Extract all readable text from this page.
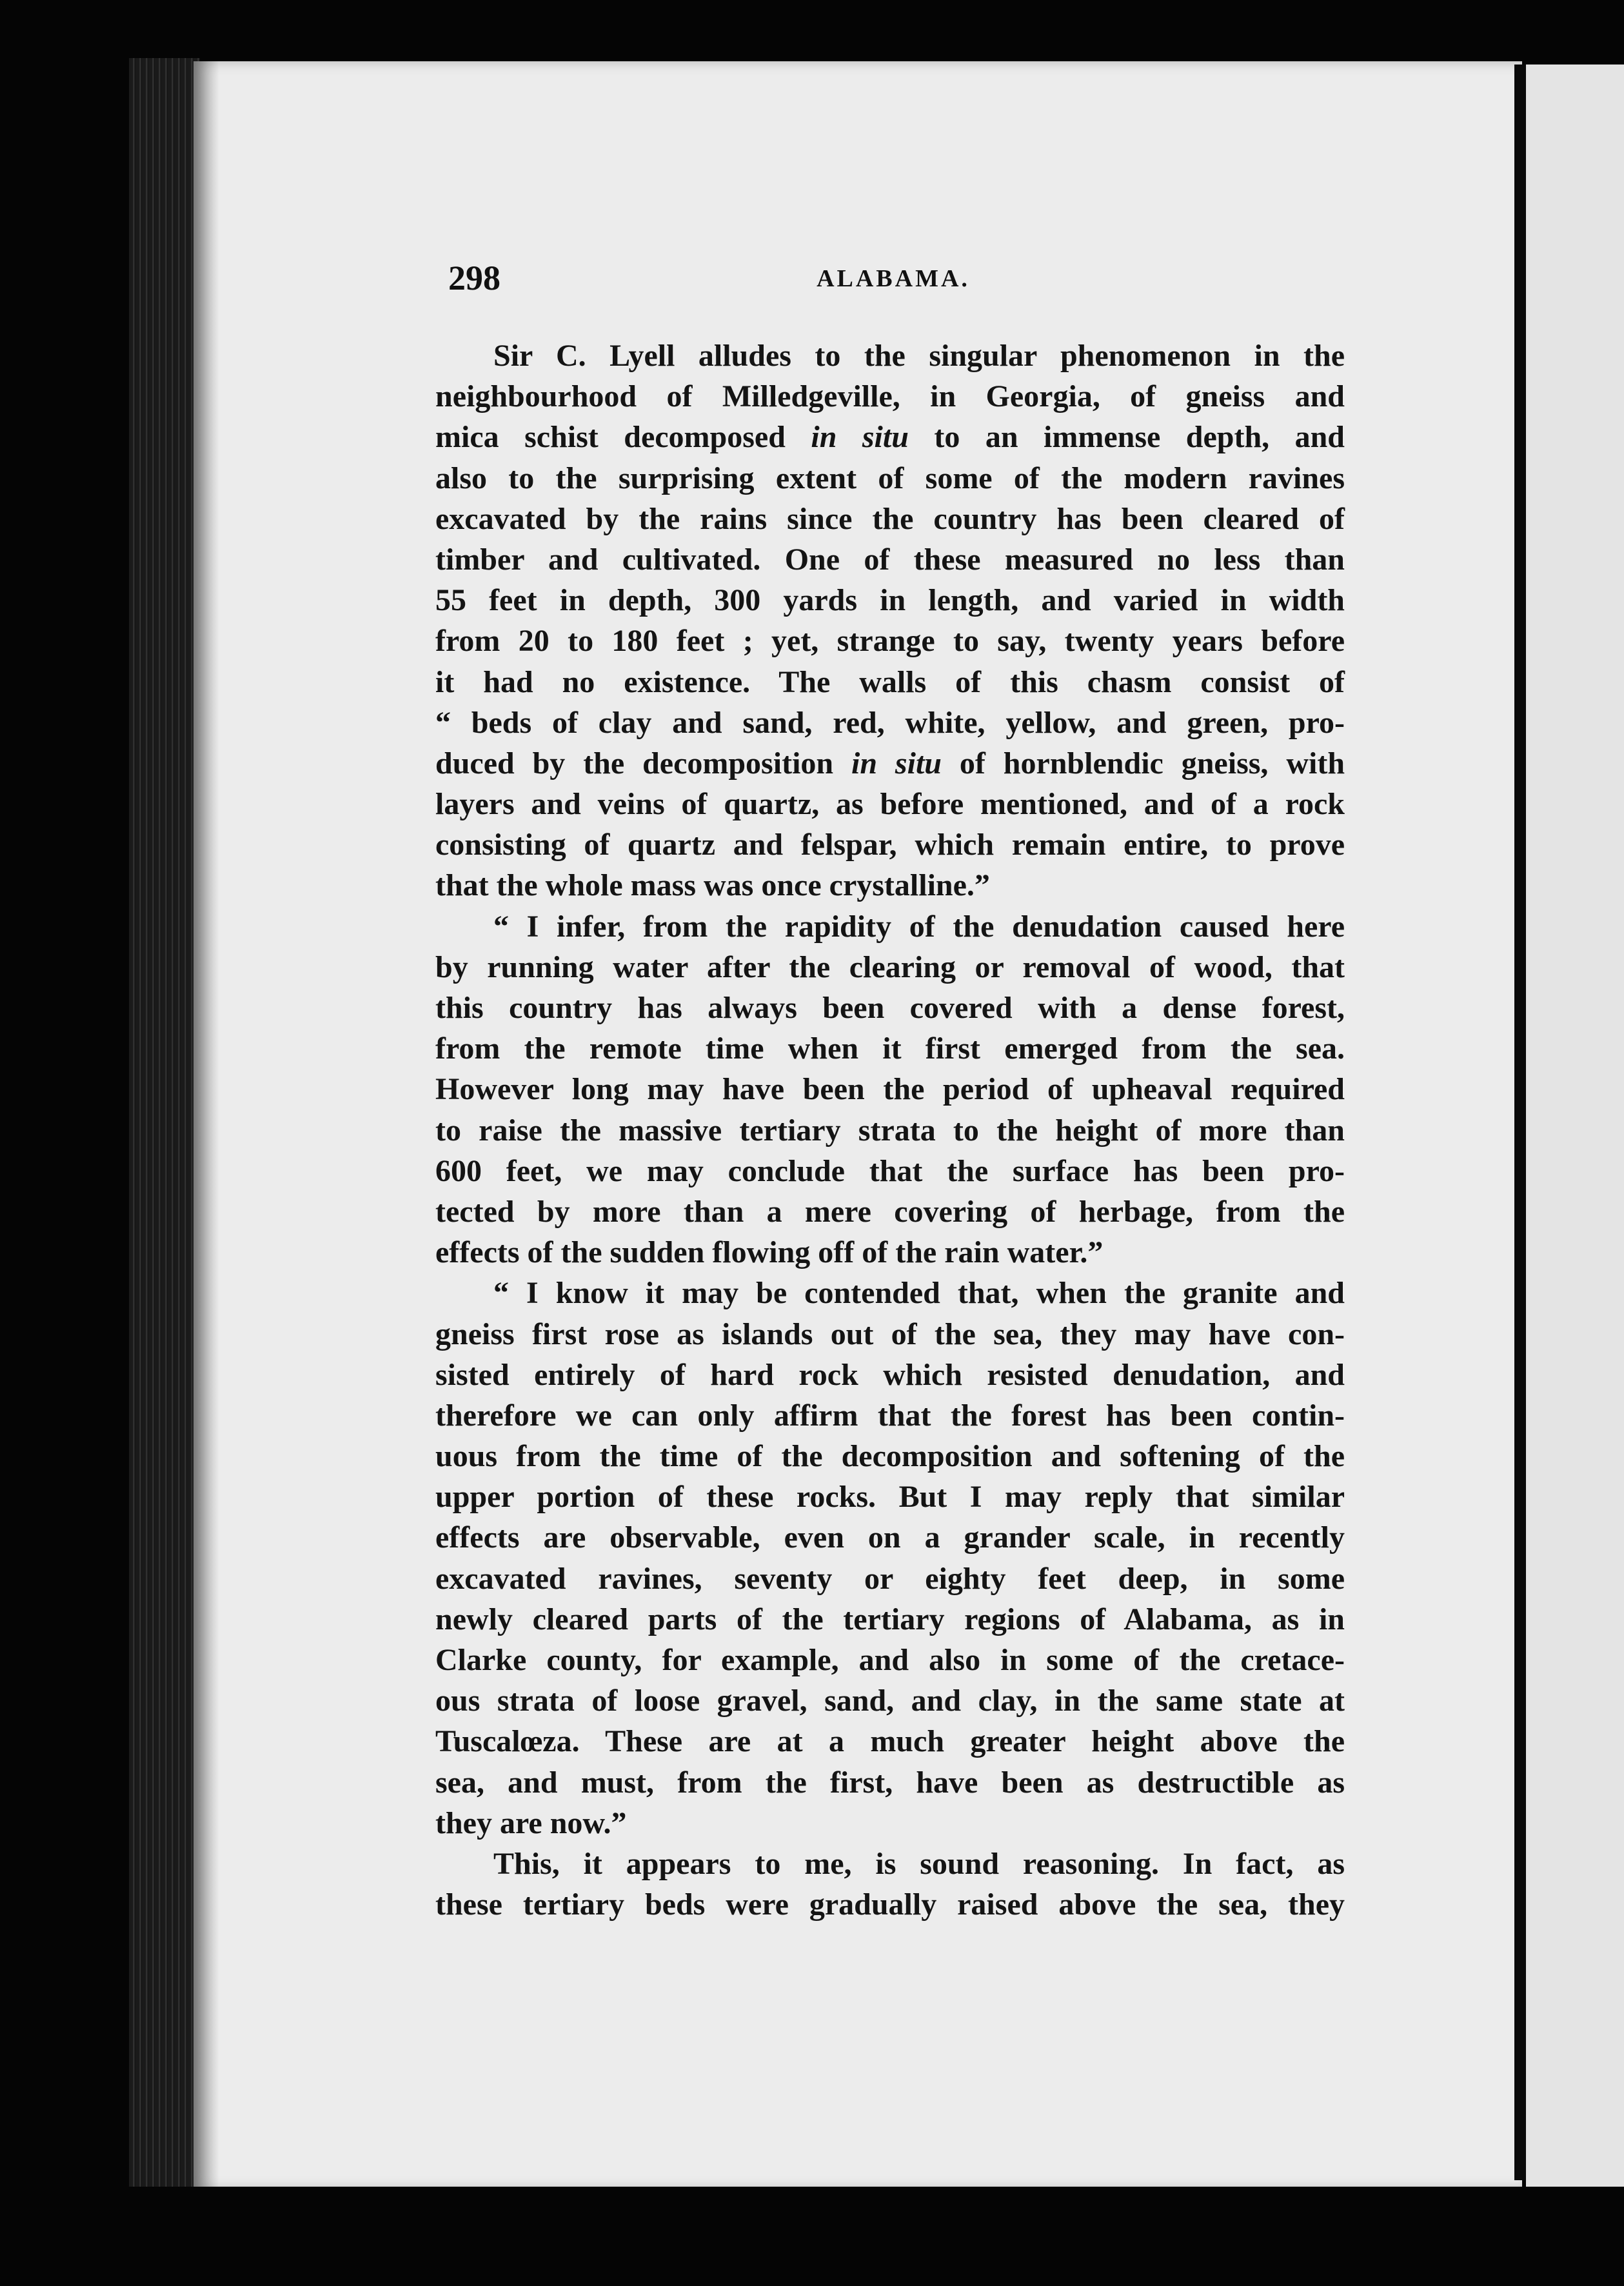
298	ALABAMA.
Sir C. Lyell alludes to the singular phenomenon in the
neighbourhood of Milledgeville, in Georgia, of gneiss and
mica schist decomposed in situ to an immense depth, and
also to the surprising extent of some of the modern ravines
excavated by the rains since the country has been cleared of
timber and cultivated. One of these measured no less than
55 feet in depth, 300 yards in length, and varied in width
from 20 to 180 feet ; yet, strange to say, twenty years before
it had no existence. The walls of this chasm consist of
“ beds of clay and sand, red, white, yellow, and green, pro-
duced by the decomposition in situ of hornblendic gneiss, with
layers and veins of quartz, as before mentioned, and of a rock
consisting of quartz and felspar, which remain entire, to prove
that the whole mass was once crystalline.”
“ I infer, from the rapidity of the denudation caused here
by running water after the clearing or removal of wood, that
this country has always been covered with a dense forest,
from the remote time when it first emerged from the sea.
However long may have been the period of upheaval required
to raise the massive tertiary strata to the height of more than
600 feet, we may conclude that the surface has been pro-
tected by more than a mere covering of herbage, from the
effects of the sudden flowing off of the rain water.”
“ I know it may be contended that, when the granite and
gneiss first rose as islands out of the sea, they may have con-
sisted entirely of hard rock which resisted denudation, and
therefore we can only affirm that the forest has been contin-
uous from the time of the decomposition and softening of the
upper portion of these rocks. But I may reply that similar
effects are observable, even on a grander scale, in recently
excavated ravines, seventy or eighty feet deep, in some
newly cleared parts of the tertiary regions of Alabama, as in
Clarke county, for example, and also in some of the cretace-
ous strata of loose gravel, sand, and clay, in the same state at
Tuscalœza. These are at a much greater height above the
sea, and must, from the first, have been as destructible as
they are now.”
This, it appears to me, is sound reasoning. In fact, as
these tertiary beds were gradually raised above the sea, they
